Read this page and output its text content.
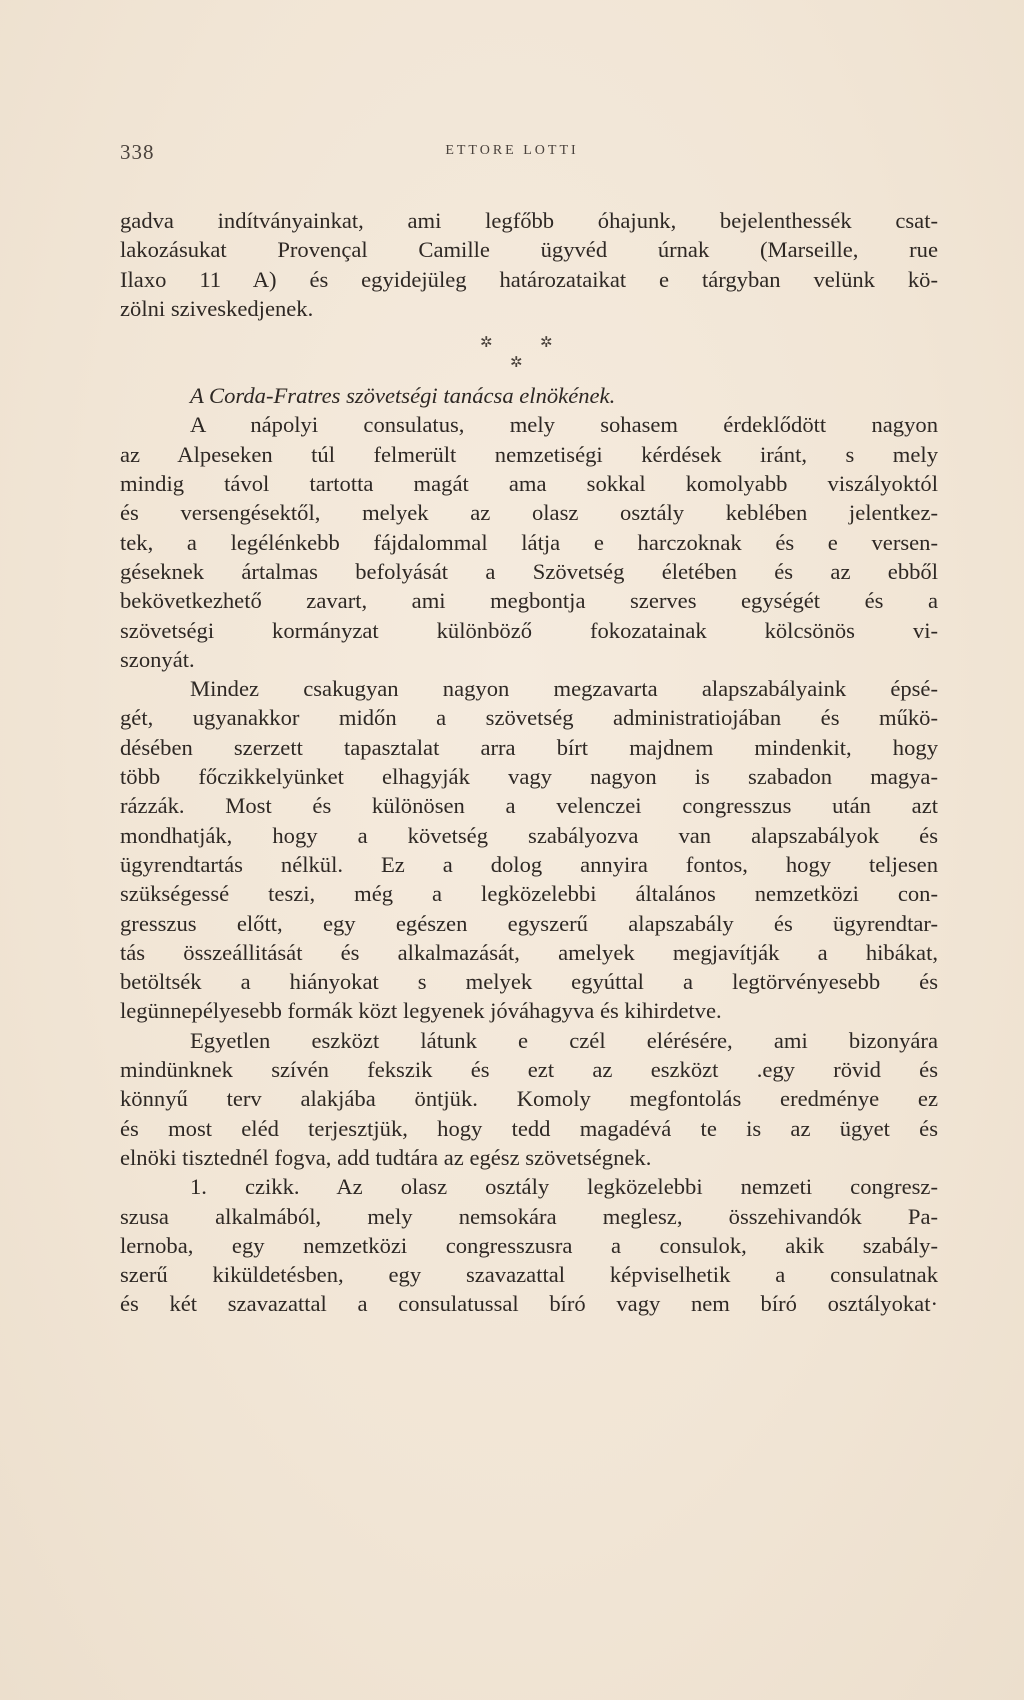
338	ETTORE LOTTI
gadva indítványainkat, ami legfőbb óhajunk, bejelenthessék csat-
lakozásukat Provençal Camille ügyvéd úrnak (Marseille, rue
Ilaxo 11 A) és egyidejüleg határozataikat e tárgyban velünk kö-
zölni sziveskedjenek.
✲	✲
✲
A Corda-Fratres szövetségi tanácsa elnökének.
A nápolyi consulatus, mely sohasem érdeklődött nagyon
az Alpeseken túl felmerült nemzetiségi kérdések iránt, s mely
mindig távol tartotta magát ama sokkal komolyabb viszályoktól
és versengésektől, melyek az olasz osztály keblében jelentkez-
tek, a legélénkebb fájdalommal látja e harczoknak és e versen-
géseknek ártalmas befolyását a Szövetség életében és az ebből
bekövetkezhető zavart, ami megbontja szerves egységét és a
szövetségi kormányzat különböző fokozatainak kölcsönös vi-
szonyát.
Mindez csakugyan nagyon megzavarta alapszabályaink épsé-
gét, ugyanakkor midőn a szövetség administratiojában és műkö-
désében szerzett tapasztalat arra bírt majdnem mindenkit, hogy
több főczikkelyünket elhagyják vagy nagyon is szabadon magya-
rázzák. Most és különösen a velenczei congresszus után azt
mondhatják, hogy a követség szabályozva van alapszabályok és
ügyrendtartás nélkül. Ez a dolog annyira fontos, hogy teljesen
szükségessé teszi, még a legközelebbi általános nemzetközi con-
gresszus előtt, egy egészen egyszerű alapszabály és ügyrendtar-
tás összeállitását és alkalmazását, amelyek megjavítják a hibákat,
betöltsék a hiányokat s melyek egyúttal a legtörvényesebb és
legünnepélyesebb formák közt legyenek jóváhagyva és kihirdetve.
Egyetlen eszközt látunk e czél elérésére, ami bizonyára
mindünknek szívén fekszik és ezt az eszközt .egy rövid és
könnyű terv alakjába öntjük. Komoly megfontolás eredménye ez
és most eléd terjesztjük, hogy tedd magadévá te is az ügyet és
elnöki tisztednél fogva, add tudtára az egész szövetségnek.
1. czikk. Az olasz osztály legközelebbi nemzeti congresz-
szusa alkalmából, mely nemsokára meglesz, összehivandók Pa-
lernoba, egy nemzetközi congresszusra a consulok, akik szabály-
szerű kiküldetésben, egy szavazattal képviselhetik a consulatnak
és két szavazattal a consulatussal bíró vagy nem bíró osztályokat·
